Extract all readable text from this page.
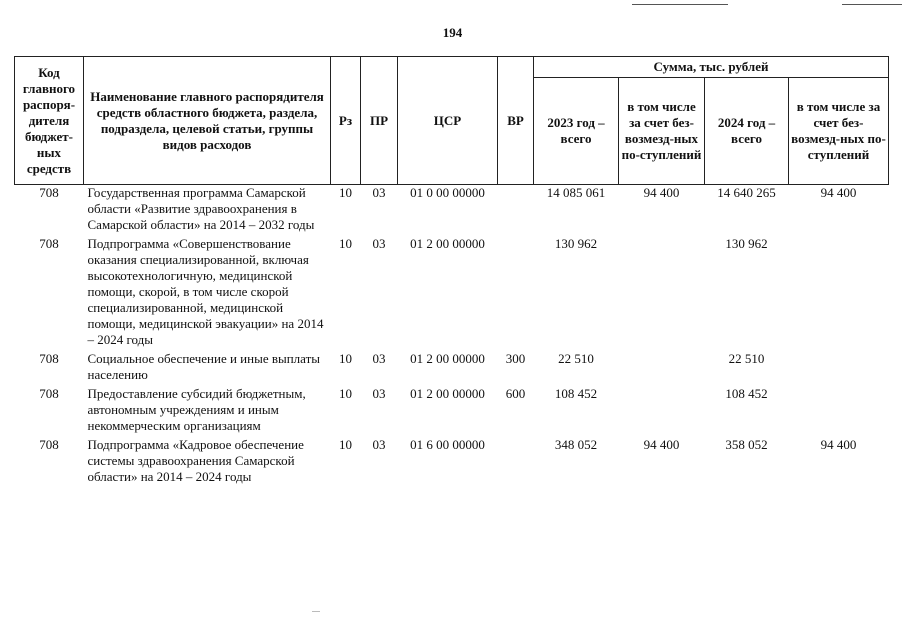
194
Код главного распоря-дителя бюджет-ных средств	Наименование главного распорядителя средств областного бюджета, раздела, подраздела, целевой статьи, группы видов расходов	Рз	ПР	ЦСР	ВР	Сумма, тыс. рублей			
						2023 год – всего	в том числе за счет без-возмезд-ных по-ступлений	2024 год – всего	в том числе за счет без-возмезд-ных по-ступлений
708	Государственная программа Самарской области «Развитие здравоохранения в Самарской области» на 2014 – 2032 годы	10	03	01 0 00 00000		14 085 061	94 400	14 640 265	94 400
708	Подпрограмма «Совершенствование оказания специализированной, включая высокотехнологичную, медицинской помощи, скорой, в том числе скорой специализированной, медицинской помощи, медицинской эвакуации» на 2014 – 2024 годы	10	03	01 2 00 00000		130 962		130 962	
708	Социальное обеспечение и иные выплаты населению	10	03	01 2 00 00000	300	22 510		22 510	
708	Предоставление субсидий бюджетным, автономным учреждениям и иным некоммерческим организациям	10	03	01 2 00 00000	600	108 452		108 452	
708	Подпрограмма «Кадровое обеспечение системы здравоохранения Самарской области» на 2014 – 2024 годы	10	03	01 6 00 00000		348 052	94 400	358 052	94 400
